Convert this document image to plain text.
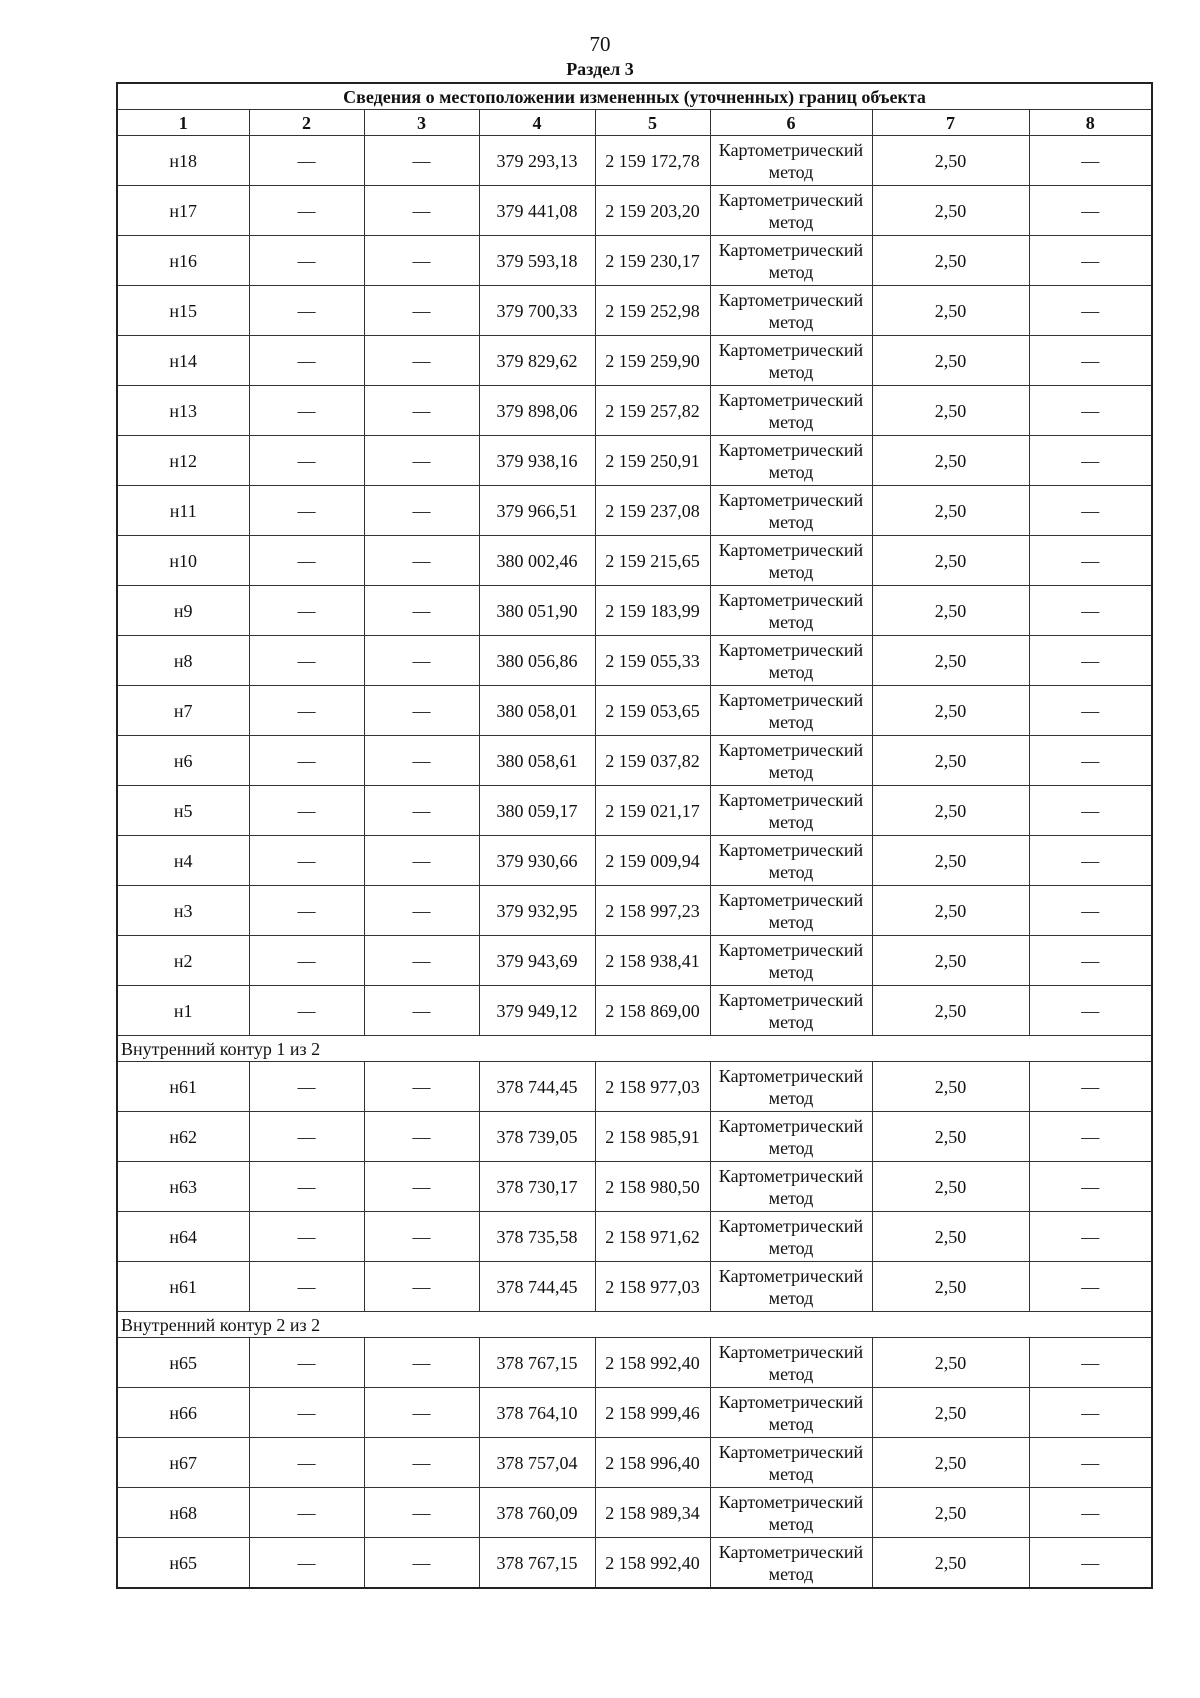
70
Раздел 3
Сведения о местоположении измененных (уточненных) границ объекта							
1	2	3	4	5	6	7	8
н18	—	—	379 293,13	2 159 172,78	Картометрический метод	2,50	—
н17	—	—	379 441,08	2 159 203,20	Картометрический метод	2,50	—
н16	—	—	379 593,18	2 159 230,17	Картометрический метод	2,50	—
н15	—	—	379 700,33	2 159 252,98	Картометрический метод	2,50	—
н14	—	—	379 829,62	2 159 259,90	Картометрический метод	2,50	—
н13	—	—	379 898,06	2 159 257,82	Картометрический метод	2,50	—
н12	—	—	379 938,16	2 159 250,91	Картометрический метод	2,50	—
н11	—	—	379 966,51	2 159 237,08	Картометрический метод	2,50	—
н10	—	—	380 002,46	2 159 215,65	Картометрический метод	2,50	—
н9	—	—	380 051,90	2 159 183,99	Картометрический метод	2,50	—
н8	—	—	380 056,86	2 159 055,33	Картометрический метод	2,50	—
н7	—	—	380 058,01	2 159 053,65	Картометрический метод	2,50	—
н6	—	—	380 058,61	2 159 037,82	Картометрический метод	2,50	—
н5	—	—	380 059,17	2 159 021,17	Картометрический метод	2,50	—
н4	—	—	379 930,66	2 159 009,94	Картометрический метод	2,50	—
н3	—	—	379 932,95	2 158 997,23	Картометрический метод	2,50	—
н2	—	—	379 943,69	2 158 938,41	Картометрический метод	2,50	—
н1	—	—	379 949,12	2 158 869,00	Картометрический метод	2,50	—
Внутренний контур 1 из 2							
н61	—	—	378 744,45	2 158 977,03	Картометрический метод	2,50	—
н62	—	—	378 739,05	2 158 985,91	Картометрический метод	2,50	—
н63	—	—	378 730,17	2 158 980,50	Картометрический метод	2,50	—
н64	—	—	378 735,58	2 158 971,62	Картометрический метод	2,50	—
н61	—	—	378 744,45	2 158 977,03	Картометрический метод	2,50	—
Внутренний контур 2 из 2							
н65	—	—	378 767,15	2 158 992,40	Картометрический метод	2,50	—
н66	—	—	378 764,10	2 158 999,46	Картометрический метод	2,50	—
н67	—	—	378 757,04	2 158 996,40	Картометрический метод	2,50	—
н68	—	—	378 760,09	2 158 989,34	Картометрический метод	2,50	—
н65	—	—	378 767,15	2 158 992,40	Картометрический метод	2,50	—
